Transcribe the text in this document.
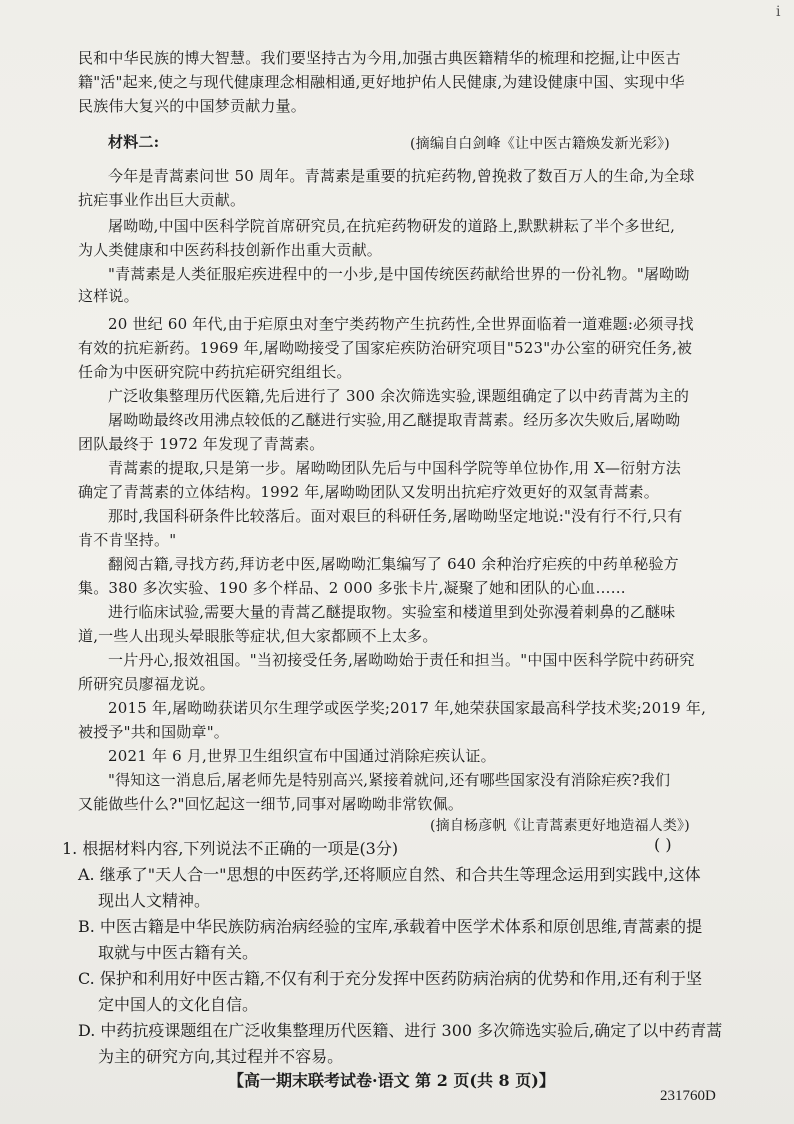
i
民和中华民族的博大智慧。我们要坚持古为今用,加强古典医籍精华的梳理和挖掘,让中医古
籍"活"起来,使之与现代健康理念相融相通,更好地护佑人民健康,为建设健康中国、实现中华
民族伟大复兴的中国梦贡献力量。
材料二:	(摘编自白剑峰《让中医古籍焕发新光彩》)
今年是青蒿素问世 50 周年。青蒿素是重要的抗疟药物,曾挽救了数百万人的生命,为全球
抗疟事业作出巨大贡献。
屠呦呦,中国中医科学院首席研究员,在抗疟药物研发的道路上,默默耕耘了半个多世纪,
为人类健康和中医药科技创新作出重大贡献。
"青蒿素是人类征服疟疾进程中的一小步,是中国传统医药献给世界的一份礼物。"屠呦呦
这样说。
20 世纪 60 年代,由于疟原虫对奎宁类药物产生抗药性,全世界面临着一道难题:必须寻找
有效的抗疟新药。1969 年,屠呦呦接受了国家疟疾防治研究项目"523"办公室的研究任务,被
任命为中医研究院中药抗疟研究组组长。
广泛收集整理历代医籍,先后进行了 300 余次筛选实验,课题组确定了以中药青蒿为主的
屠呦呦最终改用沸点较低的乙醚进行实验,用乙醚提取青蒿素。经历多次失败后,屠呦呦
团队最终于 1972 年发现了青蒿素。
青蒿素的提取,只是第一步。屠呦呦团队先后与中国科学院等单位协作,用 X—衍射方法
确定了青蒿素的立体结构。1992 年,屠呦呦团队又发明出抗疟疗效更好的双氢青蒿素。
那时,我国科研条件比较落后。面对艰巨的科研任务,屠呦呦坚定地说:"没有行不行,只有
肯不肯坚持。"
翻阅古籍,寻找方药,拜访老中医,屠呦呦汇集编写了 640 余种治疗疟疾的中药单秘验方
集。380 多次实验、190 多个样品、2 000 多张卡片,凝聚了她和团队的心血……
进行临床试验,需要大量的青蒿乙醚提取物。实验室和楼道里到处弥漫着刺鼻的乙醚味
道,一些人出现头晕眼胀等症状,但大家都顾不上太多。
一片丹心,报效祖国。"当初接受任务,屠呦呦始于责任和担当。"中国中医科学院中药研究
所研究员廖福龙说。
2015 年,屠呦呦获诺贝尔生理学或医学奖;2017 年,她荣获国家最高科学技术奖;2019 年,
被授予"共和国勋章"。
2021 年 6 月,世界卫生组织宣布中国通过消除疟疾认证。
"得知这一消息后,屠老师先是特别高兴,紧接着就问,还有哪些国家没有消除疟疾?我们
又能做些什么?"回忆起这一细节,同事对屠呦呦非常钦佩。
(摘自杨彦帆《让青蒿素更好地造福人类》)
1. 根据材料内容,下列说法不正确的一项是(3分)	( )
A. 继承了"天人合一"思想的中医药学,还将顺应自然、和合共生等理念运用到实践中,这体
现出人文精神。
B. 中医古籍是中华民族防病治病经验的宝库,承载着中医学术体系和原创思维,青蒿素的提
取就与中医古籍有关。
C. 保护和利用好中医古籍,不仅有利于充分发挥中医药防病治病的优势和作用,还有利于坚
定中国人的文化自信。
D. 中药抗疫课题组在广泛收集整理历代医籍、进行 300 多次筛选实验后,确定了以中药青蒿
为主的研究方向,其过程并不容易。
【高一期末联考试卷·语文 第 2 页(共 8 页)】
231760D
